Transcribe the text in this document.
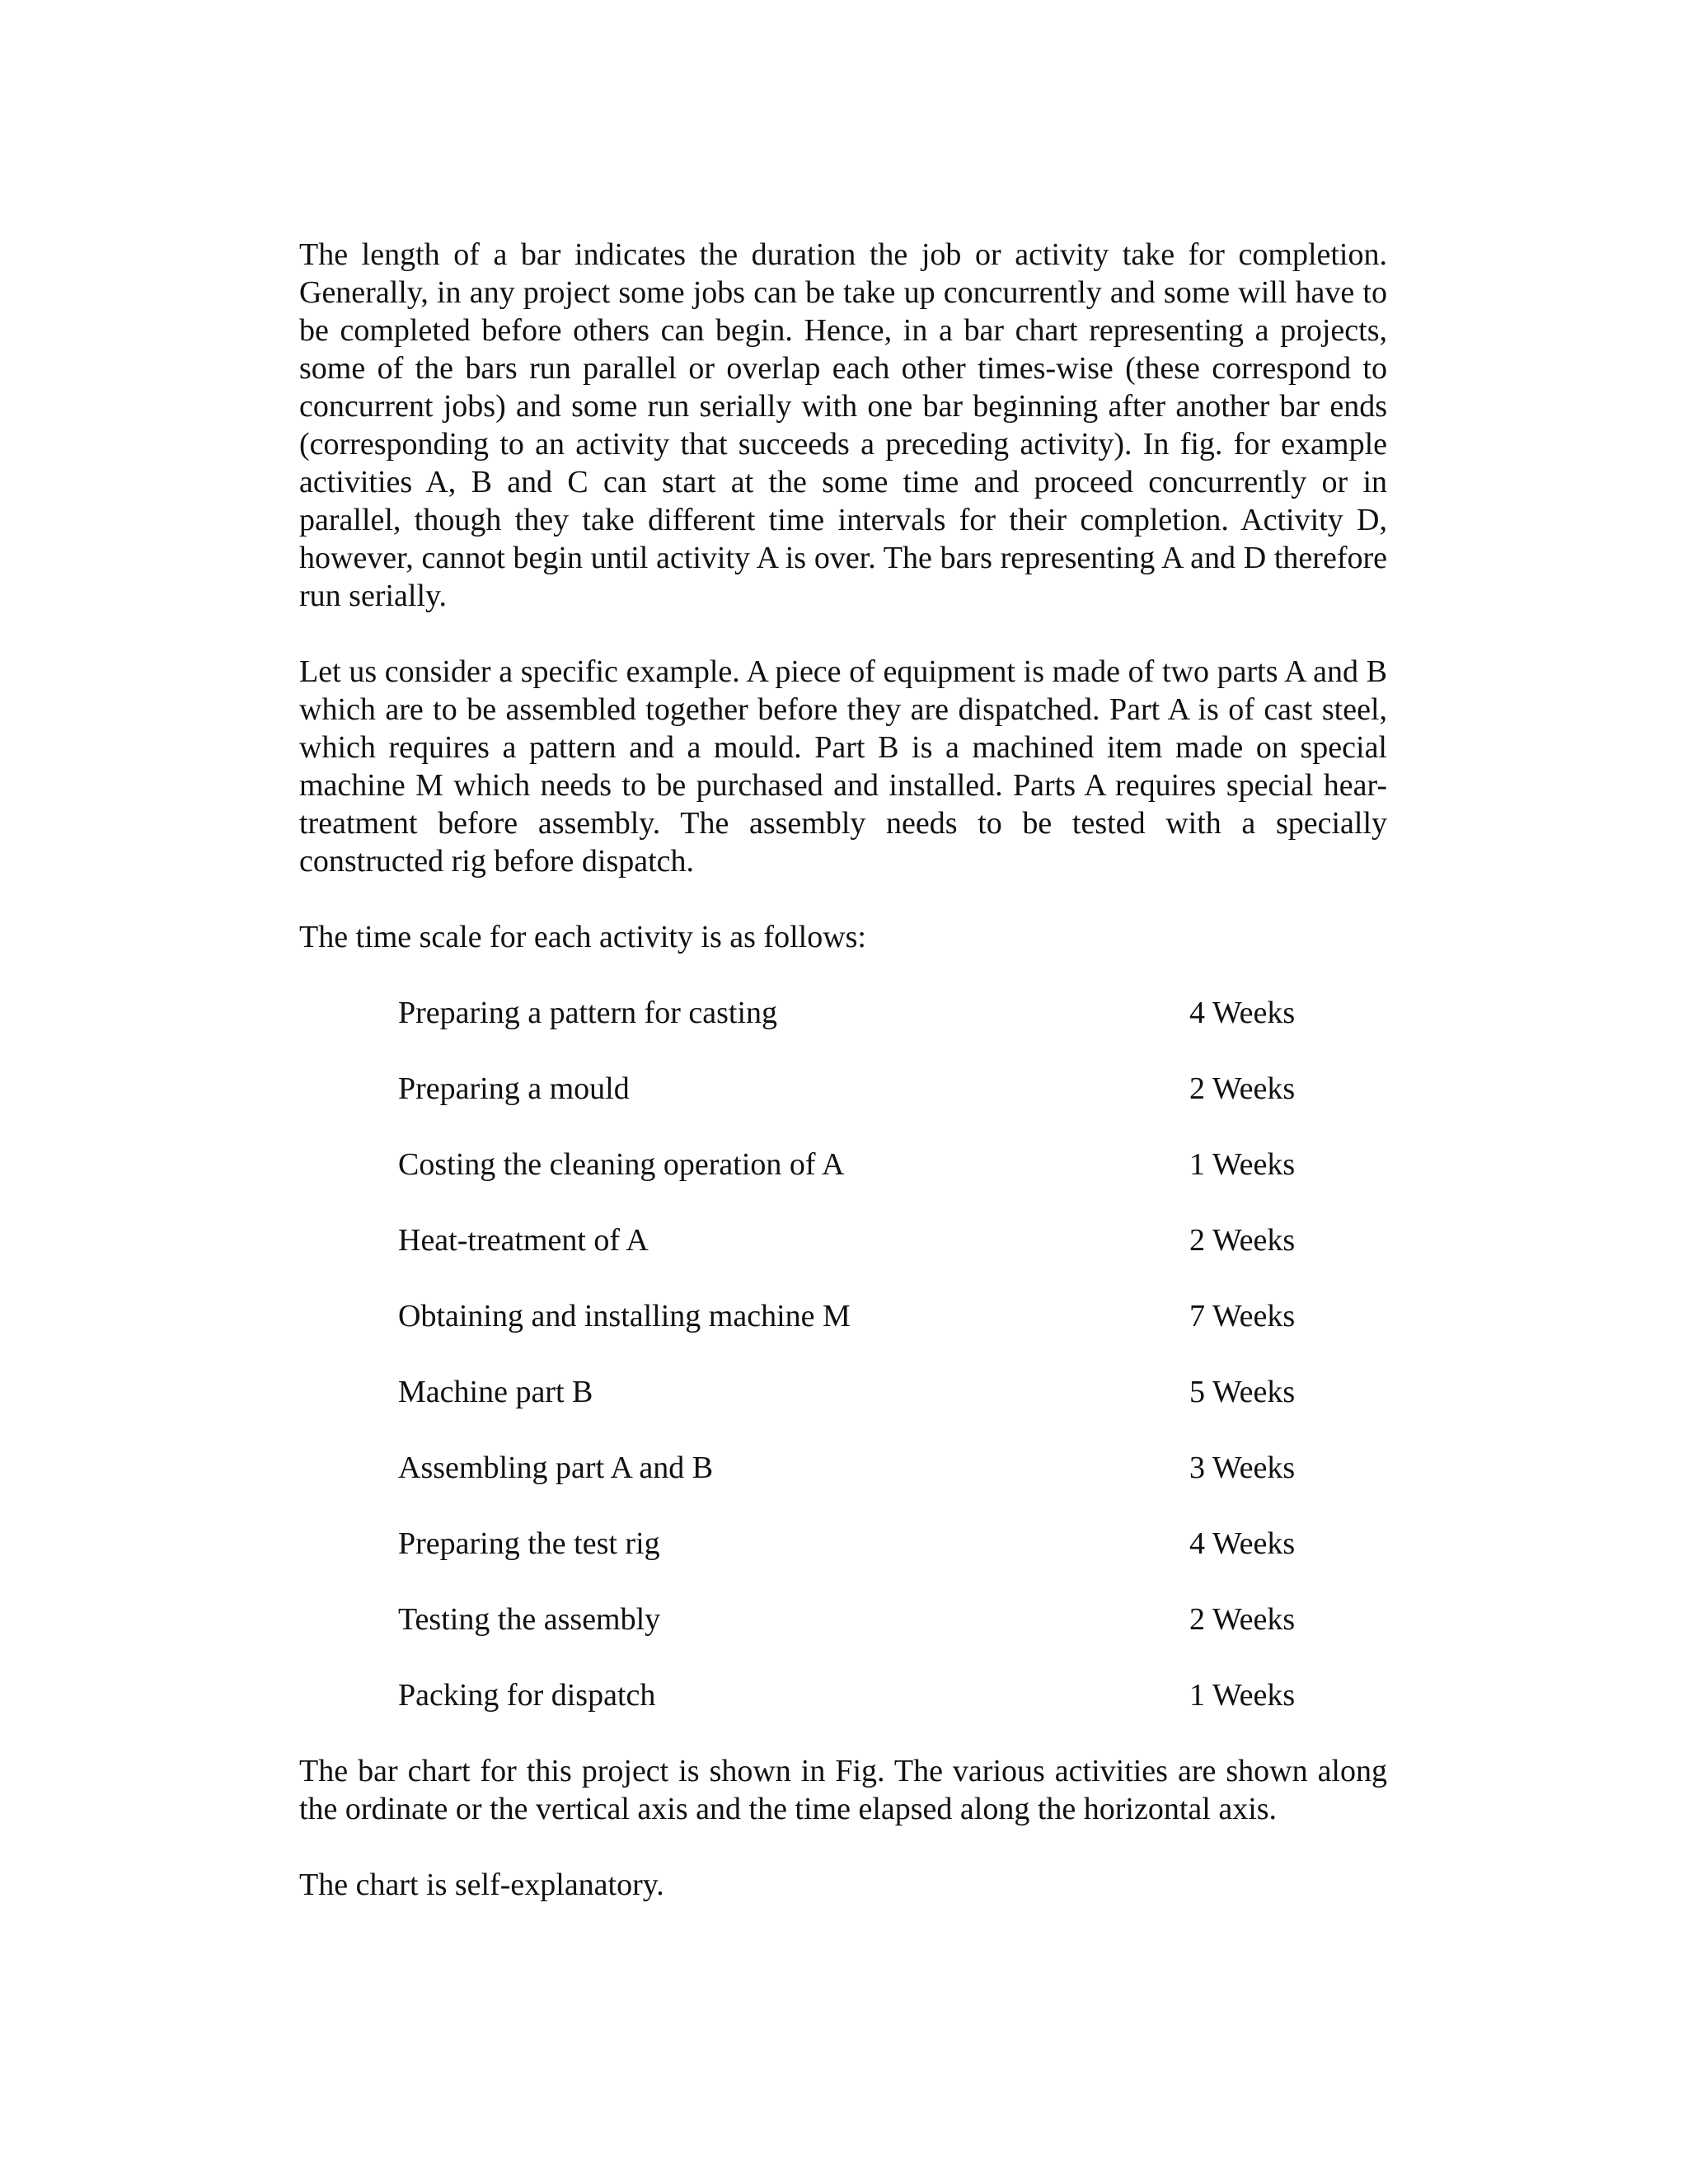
The length of a bar indicates the duration the job or activity take for completion. Generally, in any project some jobs can be take up concurrently and some will have to be completed before others can begin. Hence, in a bar chart representing a projects, some of the bars run parallel or overlap each other times-wise (these correspond to concurrent jobs) and some run serially with one bar beginning after another bar ends (corresponding to an activity that succeeds a preceding activity). In fig. for example activities A, B and C can start at the some time and proceed concurrently or in parallel, though they take different time intervals for their completion. Activity D, however, cannot begin until activity A is over. The bars representing A and D therefore run serially.

Let us consider a specific example. A piece of equipment is made of two parts A and B which are to be assembled together before they are dispatched. Part A is of cast steel, which requires a pattern and a mould. Part B is a machined item made on special machine M which needs to be purchased and installed. Parts A requires special hear-treatment before assembly. The assembly needs to be tested with a specially constructed rig before dispatch.

The time scale for each activity is as follows:

Preparing a pattern for casting	4 Weeks
Preparing a mould	2 Weeks
Costing the cleaning operation of A	1 Weeks
Heat-treatment of A	2 Weeks
Obtaining and installing machine M	7 Weeks
Machine part B	5 Weeks
Assembling part A and B	3 Weeks
Preparing the test rig	4 Weeks
Testing the assembly	2 Weeks
Packing for dispatch	1 Weeks

The bar chart for this project is shown in Fig. The various activities are shown along the ordinate or the vertical axis and the time elapsed along the horizontal axis.

The chart is self-explanatory.
